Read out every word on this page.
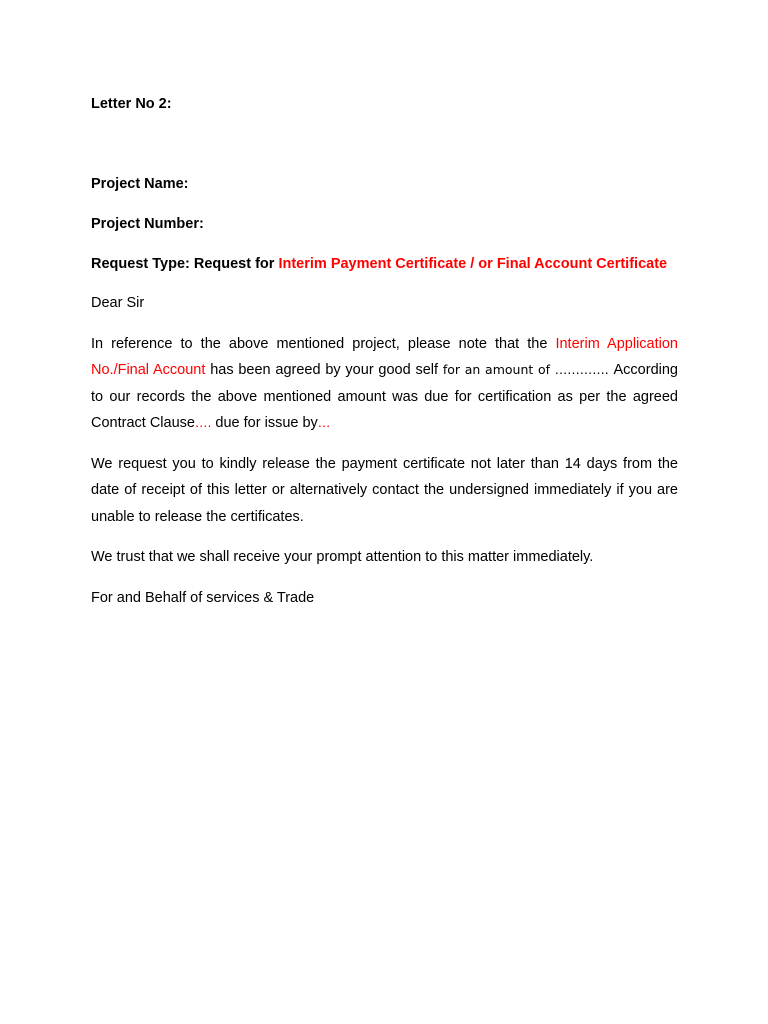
Letter No 2:

Project Name:

Project Number:

Request Type: Request for Interim Payment Certificate / or Final Account Certificate

Dear Sir

In reference to the above mentioned project, please note that the Interim Application No./Final Account has been agreed by your good self for an amount of …………. According to our records the above mentioned amount was due for certification as per the agreed Contract Clause…. due for issue by…

We request you to kindly release the payment certificate not later than 14 days from the date of receipt of this letter or alternatively contact the undersigned immediately if you are unable to release the certificates.

We trust that we shall receive your prompt attention to this matter immediately.

For and Behalf of services & Trade
